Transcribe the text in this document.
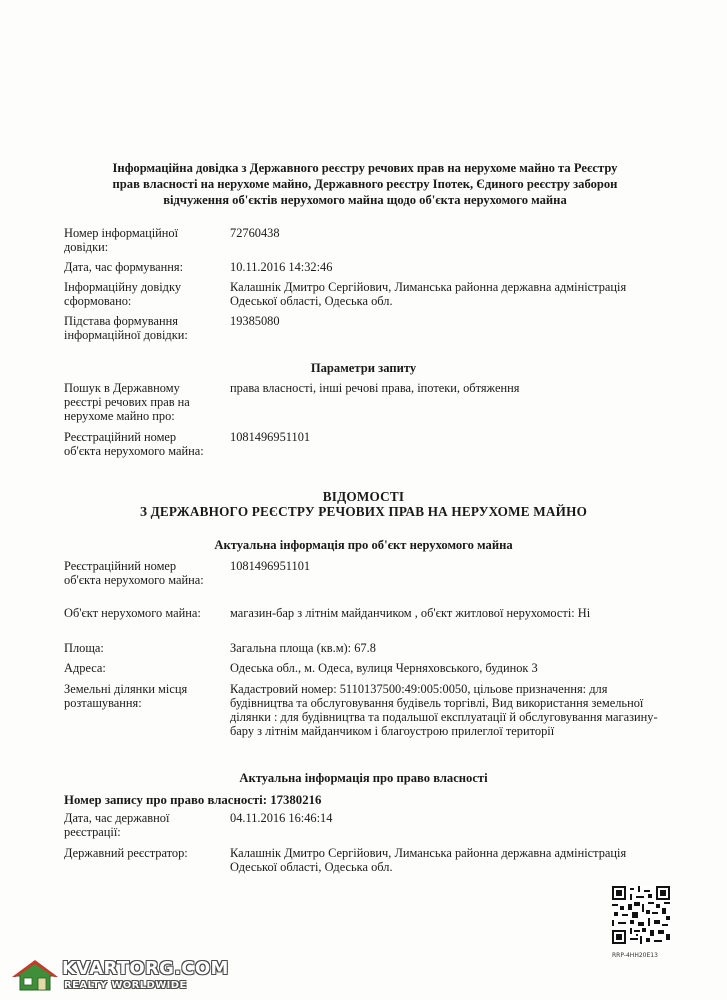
Інформаційна довідка з Державного реєстру речових прав на нерухоме майно та Реєстру
прав власності на нерухоме майно, Державного реєстру Іпотек, Єдиного реєстру заборон
відчуження об'єктів нерухомого майна щодо об'єкта нерухомого майна
Номер інформаційної довідки:
72760438
Дата, час формування:	10.11.2016 14:32:46
Інформаційну довідку сформовано:
Калашнік Дмитро Сергійович, Лиманська районна державна адміністрація Одеської області, Одеська обл.
Підстава формування інформаційної довідки:
19385080
Параметри запиту
Пошук в Державному реєстрі речових прав на нерухоме майно про:
права власності, інші речові права, іпотеки, обтяження
Реєстраційний номер об'єкта нерухомого майна:
1081496951101
ВІДОМОСТІ
З ДЕРЖАВНОГО РЕЄСТРУ РЕЧОВИХ ПРАВ НА НЕРУХОМЕ МАЙНО
Актуальна інформація про об'єкт нерухомого майна
Реєстраційний номер об'єкта нерухомого майна:
1081496951101
Об'єкт нерухомого майна:	магазин-бар з літнім майданчиком , об'єкт житлової нерухомості: Ні
Площа:	Загальна площа (кв.м): 67.8
Адреса:	Одеська обл., м. Одеса, вулиця Черняховського, будинок 3
Земельні ділянки місця розташування:
Кадастровий номер: 5110137500:49:005:0050, цільове призначення: для будівництва та обслуговування будівель торгівлі, Вид використання земельної ділянки : для будівництва та подальшої експлуатації й обслуговування магазину-бару з літнім майданчиком і благоустрою прилеглої території
Актуальна інформація про право власності
Номер запису про право власності: 17380216
Дата, час державної реєстрації:
04.11.2016 16:46:14
Державний реєстратор:	Калашнік Дмитро Сергійович, Лиманська районна державна адміністрація Одеської області, Одеська обл.
RRP-4HH20E13
KVARTORG.COM
REALTY WORLDWIDE
